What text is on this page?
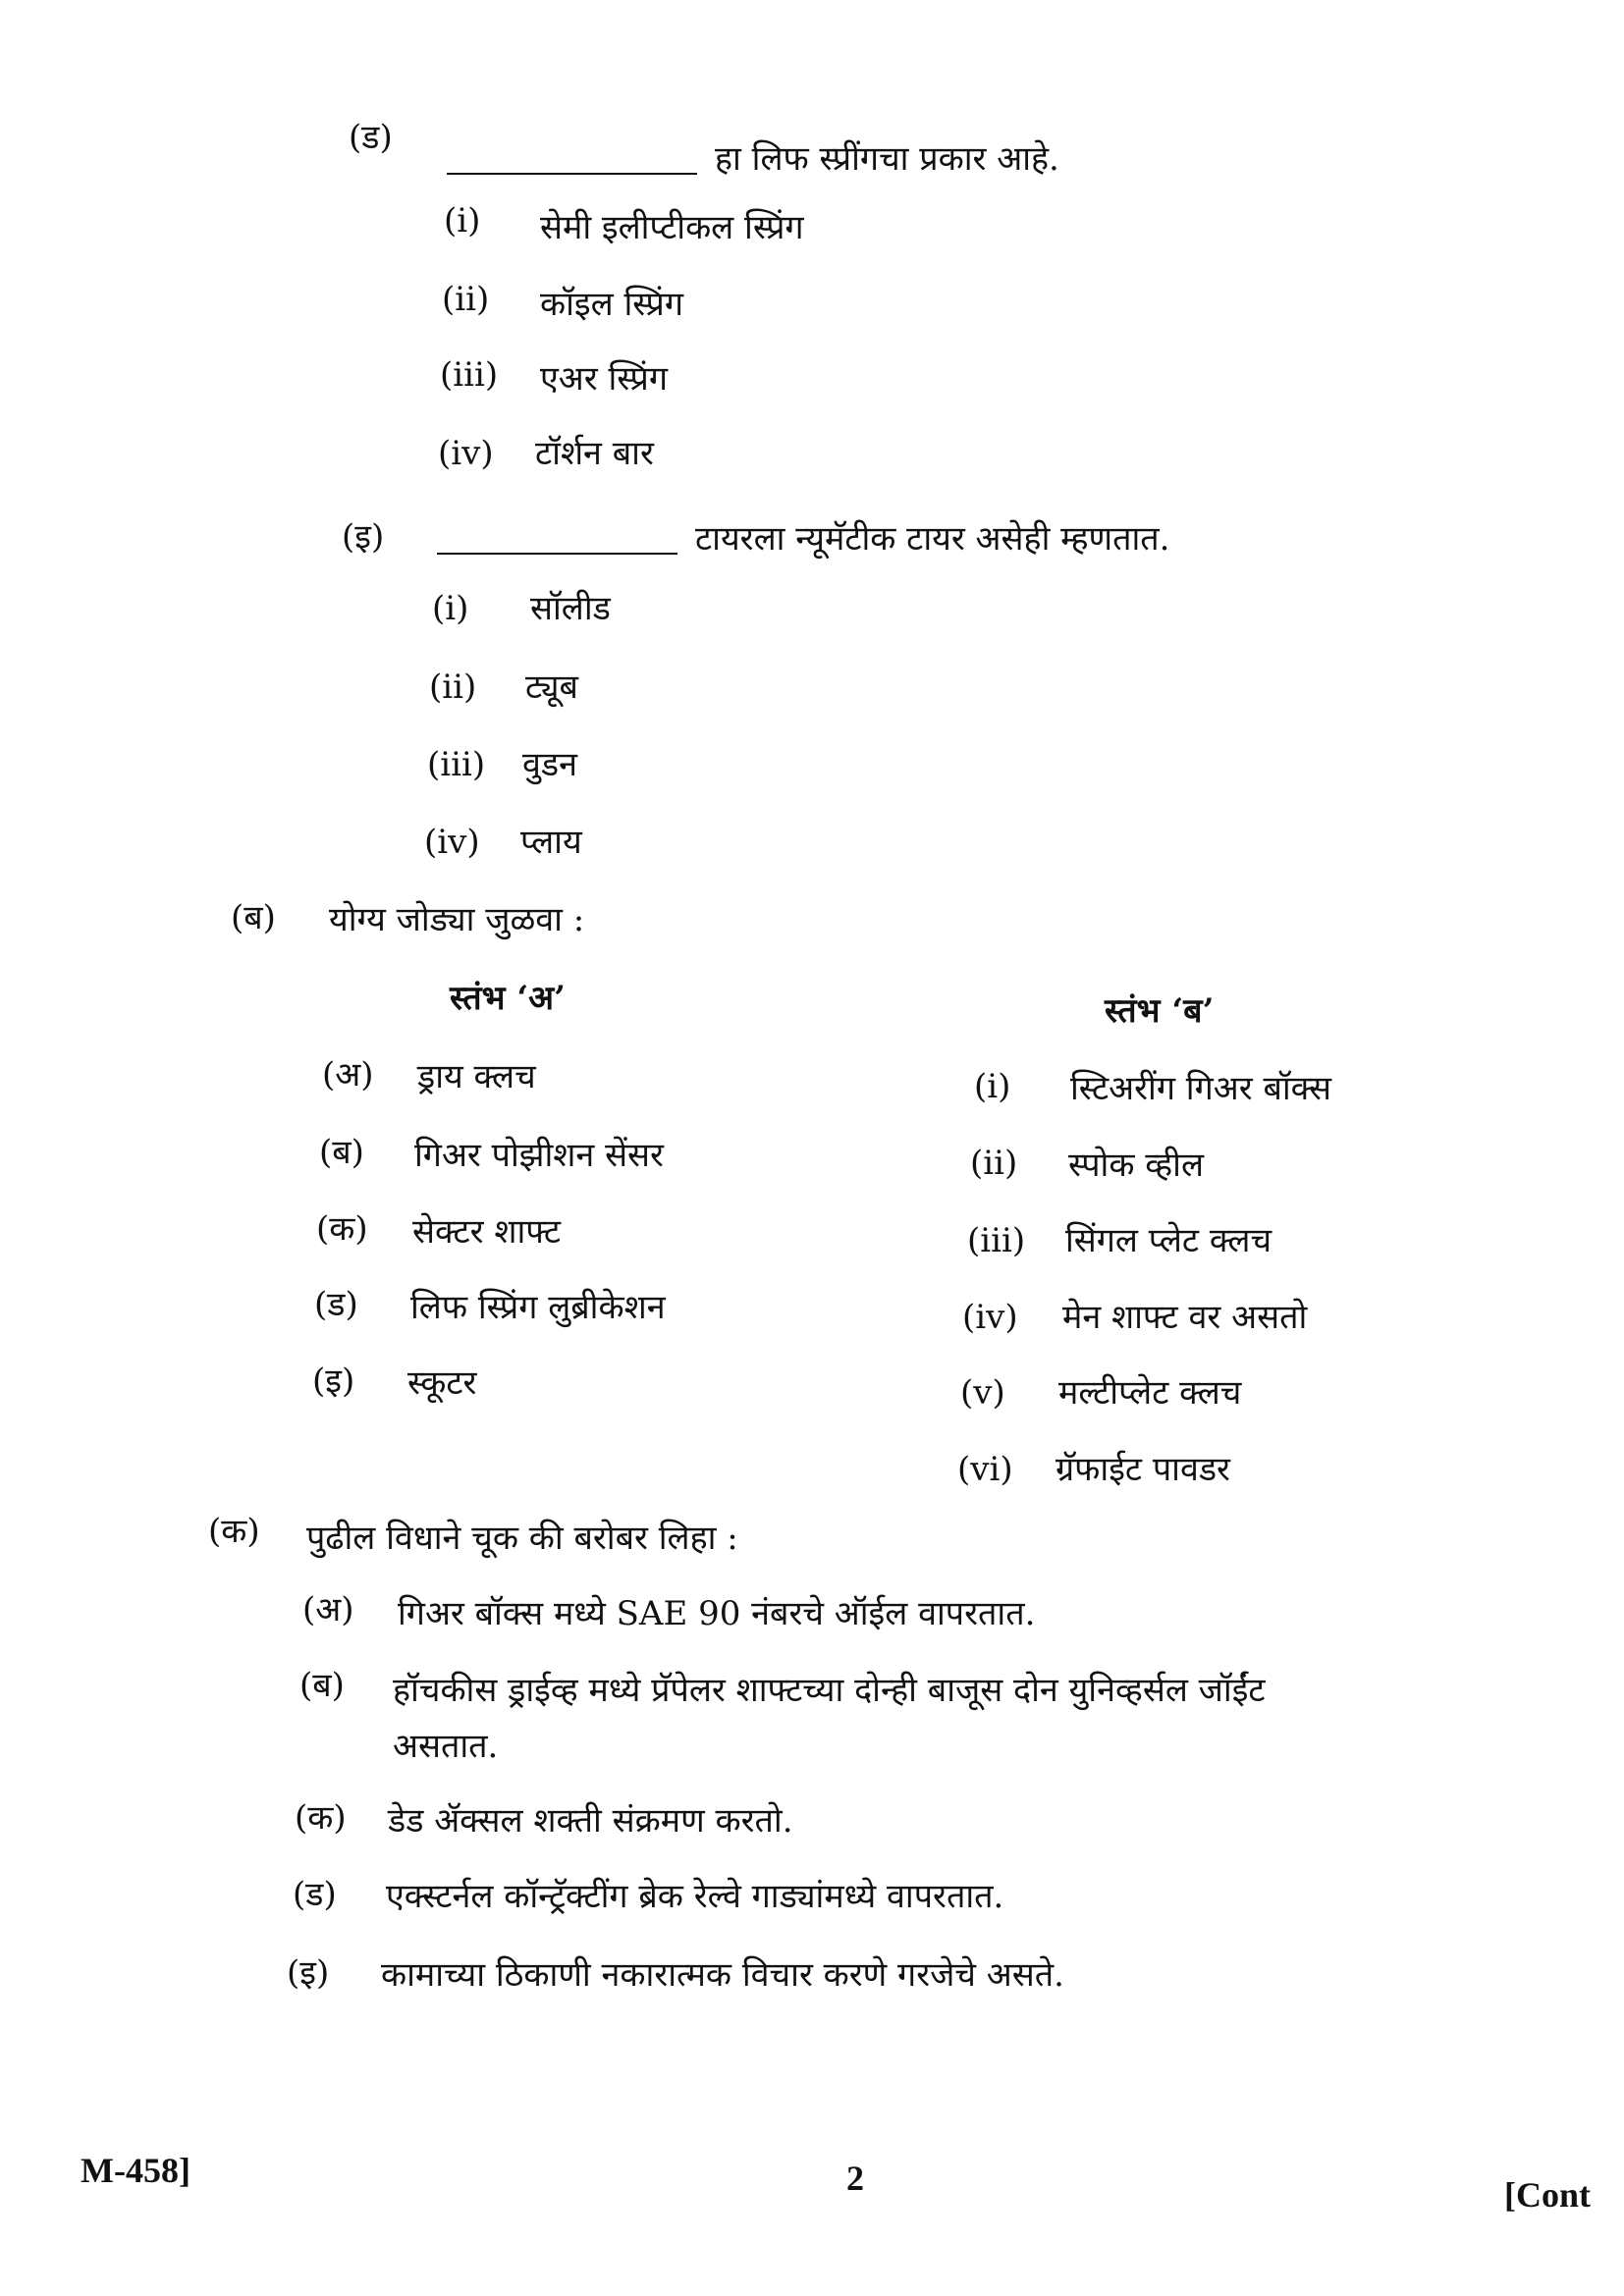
(ड)
हा लिफ स्प्रींगचा प्रकार आहे.
(i) सेमी इलीप्टीकल स्प्रिंग
(ii) कॉइल स्प्रिंग
(iii) एअर स्प्रिंग
(iv) टॉर्शन बार
(इ)	टायरला न्यूमॅटीक टायर असेही म्हणतात.
(i) सॉलीड
(ii) ट्यूब
(iii) वुडन
(iv) प्लाय
(ब) योग्य जोड्या जुळवा :
स्तंभ ‘अ’	स्तंभ ‘ब’
(अ) ड्राय क्लच
(ब) गिअर पोझीशन सेंसर
(क) सेक्टर शाफ्ट
(ड) लिफ स्प्रिंग लुब्रीकेशन
(इ) स्कूटर
(i) स्टिअरींग गिअर बॉक्स
(ii) स्पोक व्हील
(iii) सिंगल प्लेट क्लच
(iv) मेन शाफ्ट वर असतो
(v) मल्टीप्लेट क्लच
(vi) ग्रॅफाईट पावडर
(क) पुढील विधाने चूक की बरोबर लिहा :
(अ) गिअर बॉक्स मध्ये SAE 90 नंबरचे ऑईल वापरतात.
(ब) हॉचकीस ड्राईव्ह मध्ये प्रॅपेलर शाफ्टच्या दोन्ही बाजूस दोन युनिव्हर्सल जॉईंट
असतात.
(क) डेड ॲक्सल शक्ती संक्रमण करतो.
(ड) एक्स्टर्नल कॉन्ट्रॅक्टींग ब्रेक रेल्वे गाड्यांमध्ये वापरतात.
(इ) कामाच्या ठिकाणी नकारात्मक विचार करणे गरजेचे असते.
M-458]	2	[Cont
